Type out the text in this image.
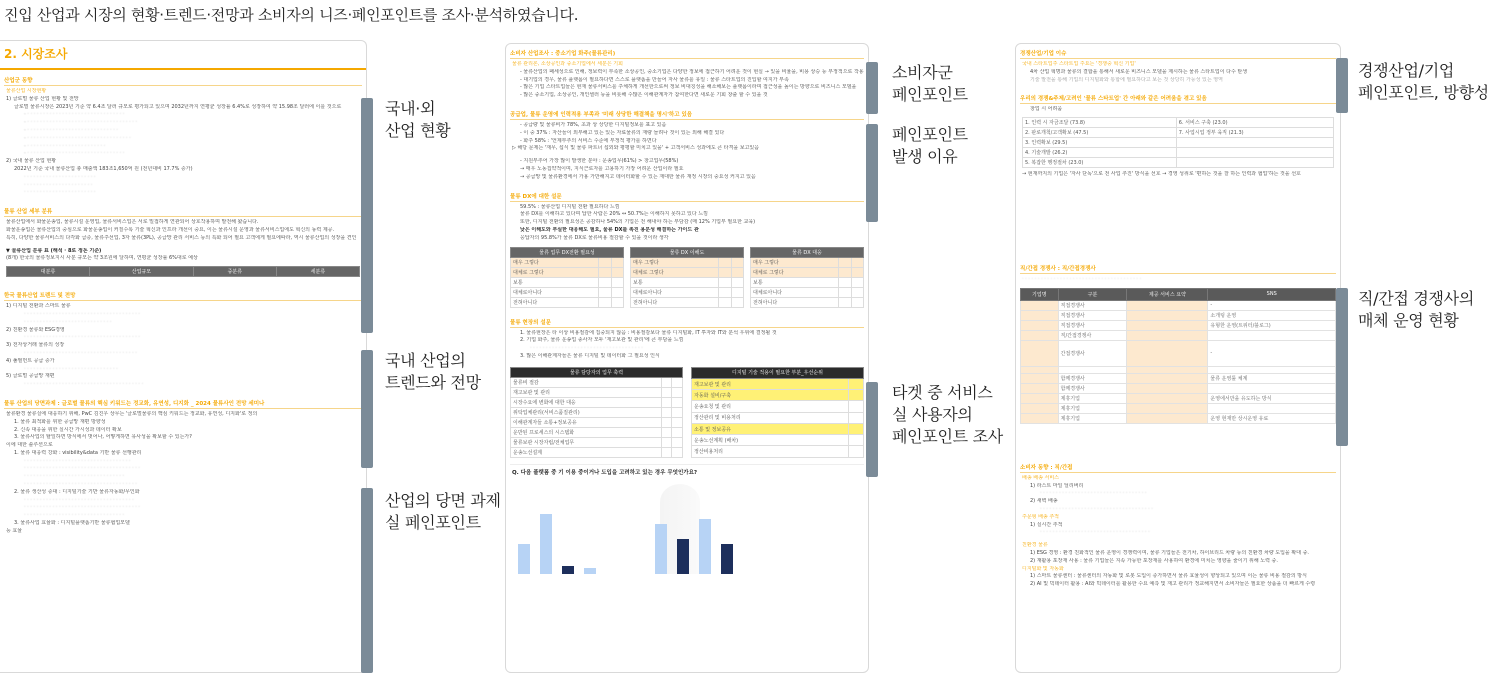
진입 산업과 시장의 현황·트렌드·전망과 소비자의 니즈·페인포인트를 조사·분석하였습니다.
2. 시장조사
산업군 동향
물류산업 시장현황
1) 글로벌 물류 산업 현황 및 전망
글로벌 물류시장은 2023년 기준 약 6.4조 달러 규모로 평가되고 있으며 2032년까지 연평균 성장률 6.4%로 성장하여 약 15.98조 달러에 이를 것으로
- · · · · · · · · · · · · · · · · · · · · · · · · · · · · · · ·
- · · · · · · · · · · · · · · · · · · · · · · · · · · · · · · · · · · ·
- · · · · · · · · · · · · · · · · · · · · · · · · · · · · ·
- · · · · · · · · · · · · · · · · · · · · · · · · · · · · · · · · ·
- · · · · · · · · · · · · · · · · · · · · · · · · ·
- · · · · · · · · · · · · · · · · · · · · · · · · · · · · · · ·
2) 국내 물류 산업 현황
2022년 기준 국내 물류산업 총 매출액 183조1,650억 원 (전년대비 17.7% 증가)
· · · · · · · · · · · · · · · · · · · · · · ·
· · · · · · · · · · · · · · · · · · · · · ·
· · · · · · · · · · · · · · · · · · · · · · ·
물류 산업 세부 분류
물류산업에서 화물운송업, 물류시설 운영업, 물류서비스업은 서로 밀접하게 연관되어 상호작용하며 발전해 왔습니다.
화물운송업은 물류산업의 중심으로 화물운송업이 커질수록 기술 혁신과 인프라 개선이 중요, 이는 물류시설 운영과 물류서비스업에도 혁신의 동력 제공.
특히, 다양한 물류서비스의 다각화 급증, 물류주선업, 3자 물류(3PL), 공급망 관리 서비스 등의 특화 되어 필요 고객에게 필요에따라, 역시 물류산업의 성장을 견인
▼ 물류산업 분류 표 (해석 · 8로 정돈 기준)
(8개) 한국의 물류정보지시 사분 규모는 약 3조원에 달하며, 연평균 성장률 6%대로 예상
대분류	산업규모	중분류	세분류
한국 물류산업 트렌드 및 전망
1) 디지털 전환과 스마트 물류
· · · · · · · · · · · · · · · · · · · · · · · · · · · · · · · · · · · · ·
· · · · · · · · · · · · · · · · · · · · · · · · · · · ·
2) 친환경 물류와 ESG경영
· · · · · · · · · · · · · · · · · · · · · · · · · · · · · · · · · · · · ·
3) 전자상거래 물류의 성장
· · · · · · · · · · · · · · · · · · · · · · · · · · · · · · · · · · · ·
4) 풀필먼트 공급 증가
· · · · · · · · · · · · · · · · · · · · · · · · · · · · · ·
5) 글로벌 공급망 재편
· · · · · · · · · · · · · · · · · · · · · · · · · · · · · · · · · · · · · ·
물류 산업의 당면과제 : 글로벌 물류의 핵심 키워드는 정교화, 유연성, 디지화 _ 2024 물류사인 전망 세미나
물류환경 물류실에 대응하기 위해, PwC 김진우 상무는 '글로벌물류의 핵심 키워드는 정교화, 유연성, 디지화'로 정의
1. 물류 최적화를 위한 공급망 재편 방향성
2. 신속 대응을 위한 실시간 가시성과 데이터 확보
3. 물류사업의 탈일하면 방식에서 벗어나, 어떻게하면 유사성을 확보할 수 있는가?
이에 대한 솔루션으로
1. 물류 대응력 강화 : visibility&data 기반 물류 선행관리
· · · · · · · · · · · · · · · · · · · · · · · · · · · · · · · · · ·
· · · · · · · · · · · · · · · · · · · · · · · · · · · · · · · · · · · · ·
· · · · · · · · · · · · · · · · · · · · · · · · · · · · · · · ·
· · · · · · · · · · · · · · · · · · · · · · · · · · · · · · · · · · · ·
2. 물류 생산성 증대 : 디지털기술 기반 물류자동화/무인화
· · · · · · · · · · · · · · · · · · · · · · · · · · · · · · · · · · ·
· · · · · · · · · · · · · · · · · · · · · · · · · · · · · · · · · · · · ·
· · · · · · · · · · · · · · · · · · · · · · · · · · · · · · · ·
3. 물류사업 효율화 : 디지털플랫폼기반 물류협업모델
등 효율
소비자 산업조사 : 중소기업 화주(물류관리)
물류 관리론, 소상공인과 중소기업에서 세분은 기회
- 물류산업의 패세성으로 인해, 정보력이 부족한 소상공인, 중소기업은 다양한 정보에 접근하기 어려운 것이 현실 → 있을 비율을, 비용 상승 등 부정적으로 작용
- 대기업의 경우, 물류 플랫폼이 필요하다면 스스로 플랫폼을 만들어 자사 물류를 유일 : 물류 스타트업의 진입할 여지가 부족
- 많은 기업 스타트업들은 현재 물류서비스를 주체하게 개선한으로써 정보 비대칭성을 해소해보는 플랫폼이라며 접근성을 높이는 방향으로 비즈니스 모델을
- 많은 중소기업, 소상공인, 개인셀러 등을 비롯해 수많은 이해관계자가 참여한다면 새로운 기회 창출 할 수 있을 것
공급업, 물류 운영에 인력적용 부족과 '미래 상당한 해결책을 명시'하고 있음
- 공급량 및 물류비가 78%, 초과 상 상당한 디지털정보를 표고 있음
- 이 중 37% : 자산들이 외부해고 있는 있는 자료물류의 재량 늘려나 것이 있는 외해 해결 있다
- 화주 58% : '언제부추의 서비스 수준에 부정적 평가를 하면다
▷ 해당 문제는 '재무, 섭식 및 물류 파트너 섭외와 평평할 미치고 있을' + 고객서비스 성과에도 큰 타격을 보고있음
- 지원부추어 가장 많이 발생한 분야 : 운송업무(61%) > 창고업무(58%)
→ 매우 노동집약적이며, 지식근로자를 고용하기 가장 어려운 산업이라 필요
→ 공급망 및 물류환경에서 가용 가만해지고 데이터화할 수 있는 재대한 물류 재정 시장의 중요성 커지고 있음
물류 DX에 대한 설문
59.5% : 물류산업 디지털 전환 필요하다 느낌
물류 DX를 이해하고 있다며 답한 사람은 20% ↔ 50.7%는 이해하지 못하고 있다 느낌
또한, 디지털 전환의 필요성은 공감하나 54%의 기업은 전 해내야 하는 부담감 (매 12% 기업부 필요한 교육)
낮은 이해도와 부실한 대응해도 필요, 물류 DX를 촉진 용분성 해결하는 가이드 관
응답자의 95.8%가 물류 DX로 물류비용 절감할 수 있을 것이라 생각
물류 업무 DX전환 필요성		
매우 그렇다		
대체로 그렇다		
보통		
대체로아니다		
전혀아니다		
물류 DX 이해도		
매우 그렇다		
대체로 그렇다		
보통		
대체로아니다		
전혀아니다		
물류 DX 대응		
매우 그렇다		
대체로 그렇다		
보통		
대체로아니다		
전혀아니다		
물류 현장의 설문
1. 물류현장은 타 이상 비용절감에 집중되지 않음 : 비용절감보다 물류 디지털화, IT 투자와 IT와 분석 우위에 결정될 것
2. 기업 화주, 물류 운송업 종사자 모두 '재고보관 및 관리'에 큰 부담을 느낌
· · · · · · · · · · · · · · · · · · · · · · · · · · · · · · · · · · · ·
3. 많은 이해관계자들은 물류 디지털 및 데이터화 그 필요성 인식
물류 담당자의 업무 축력		
물류비 절감		
재고보관 및 관리		
시장수요에 변화에 대한 대응		
위탁업체관리(서비스품질관리)		
이해관계자들 소통+정보공유		
운반된 프로세스의 시스템화		
물류보관 시장자립/전체업무		
운송노선설계		
디지털 기술 적용이 필요한 부분_우선순위	
재고보관 및 관리	
자동화 설비/구축	
운송요청 및 관리	
정산관리 및 비용처리	
소통 및 정보공유	
운송노선계획 (배차)	
정산비용처리	
Q. 다음 플랫폼 중 기 이용 중이거나 도입을 고려하고 있는 경우 무엇인가요?
경쟁산업/기업 이슈
국내 스타트업주 스타트업 주요는 '경쟁중 혁신 기업'
4차 산업 혁명과 물류의 결합을 통해서 새로운 비즈니스 모델을 제시하는 물류 스타트업이 다수 탄생
기술 발전을 통해 기업의 디지털화와 통합에 필요하다고 보는 것 상당히 가능성 있는 영역
우리의 경쟁&주제/고려인 '물류 스타트업' 간 아래와 같은 어려움을 겪고 있음
창업 시 어려움
1. 인력 시 자금조달 (73.8)	6. 서비스 구축 (23.0)
2. 판로개척/고객확보 (47.5)	7. 사업시업 정부 육직 (21.3)
3. 인력확보 (29.5)	
4. 기술개발 (26.2)	
5. 복잡한 행정절차 (23.0)	
→ 현재까지의 기업은 '자사 단독'으로 전 사업 추진' 방식을 선호 → 경영 성취로 '편하는 것을 잘 하는 인력과 협업'하는 것을 선호
직/간접 경쟁사 : 직/간접경쟁사
· · · · · · · · · · · · · · · · · · · · · · · · · · · · · · · · · · · · · ·
기업명	구분	제공 서비스 요약	SNS
	직접경쟁사		-
	직접경쟁사		소개팅 운영
	직접경쟁사		유형한 운영(트위터/블로그)
	직/간접경쟁사		
	간접경쟁사		-

	함께경쟁사		물류 운영툴 체계
	함께경쟁사		
	제휴기업		운영에서만을 유도하는 방식
	제휴기업		
	제휴기업		운영 현재만 상시운영 유료
소비자 동향 : 직/간접
배송 배송 서비스
1) 라스트 마일 딜리버리
· · · · · · · · · · · · · · · · · · · · · · · · · · · · · · · · · ·
2) 새벽 배송
· · · · · · · · · · · · · · · · · · · · · · · · · · · · · · · · · · · ·
주문형 배송 추적
1) 실시간 추적
· · · · · · · · · · · · · · · · · · · · · · · · · · · · · · · · · · ·
친환경 물류
1) ESG 경영 : 환경 친화적인 물류 운영이 경쟁력이며, 물류 기업들은 전기차, 하이브리드 차량 등의 친환경 차량 도입을 확대 중.
2) 재활용 포장재 사용 : 물류 기업들은 지속 가능한 포장재를 사용하여 환경에 미치는 영향을 줄이기 위해 노력 중.
디지털화 및 자동화
1) 스마트 물류센터 : 물류센터의 자동화 및 로봇 도입이 증가하면서 물류 효율성이 향상되고 있으며 이는 물류 비용 절감의 방식
2) AI 및 빅데이터 활용 : AI와 빅데이터를 활용한 수요 예측 및 재고 관리가 정교해지면서 소비자들은 필요한 상품을 더 빠르게 수령
국내·외
산업 현황
국내 산업의
트렌드와 전망
산업의 당면 과제
실 페인포인트
소비자군
페인포인트
페인포인트
발생 이유
타겟 중 서비스
실 사용자의
페인포인트 조사
경쟁산업/기업
페인포인트, 방향성
직/간접 경쟁사의
매체 운영 현황
